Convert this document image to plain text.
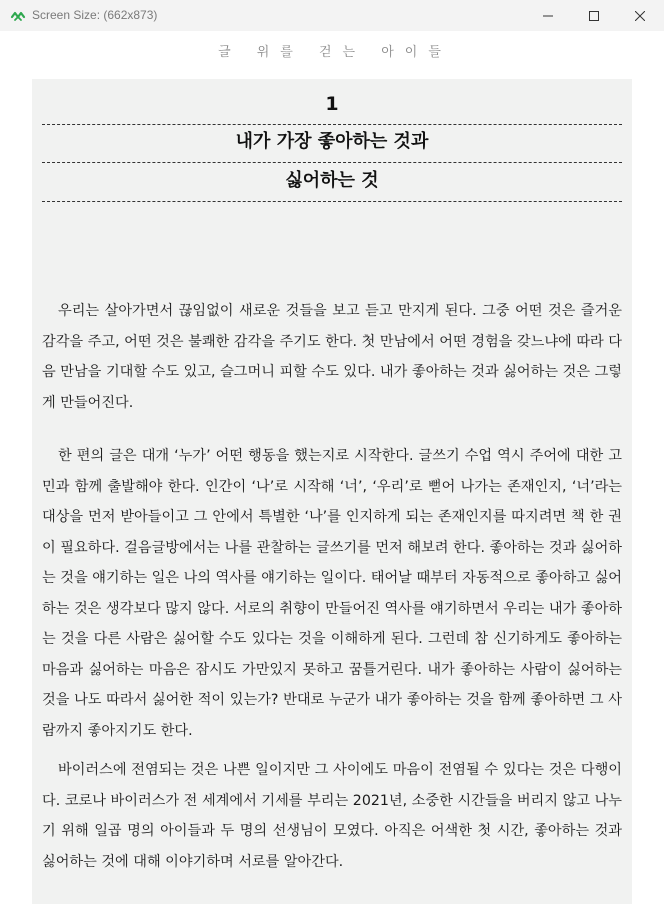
Screen Size: (662x873)
글 위를 걷는 아이들
1
내가 가장 좋아하는 것과
싫어하는 것

우리는 살아가면서 끊임없이 새로운 것들을 보고 듣고 만지게 된다. 그중 어떤 것은 즐거운 감각을 주고, 어떤 것은 불쾌한 감각을 주기도 한다. 첫 만남에서 어떤 경험을 갖느냐에 따라 다음 만남을 기대할 수도 있고, 슬그머니 피할 수도 있다. 내가 좋아하는 것과 싫어하는 것은 그렇게 만들어진다.

한 편의 글은 대개 ‘누가’ 어떤 행동을 했는지로 시작한다. 글쓰기 수업 역시 주어에 대한 고민과 함께 출발해야 한다. 인간이 ‘나’로 시작해 ‘너’, ‘우리’로 뻗어 나가는 존재인지, ‘너’라는 대상을 먼저 받아들이고 그 안에서 특별한 ‘나’를 인지하게 되는 존재인지를 따지려면 책 한 권이 필요하다. 걸음글방에서는 나를 관찰하는 글쓰기를 먼저 해보려 한다. 좋아하는 것과 싫어하는 것을 얘기하는 일은 나의 역사를 얘기하는 일이다. 태어날 때부터 자동적으로 좋아하고 싫어하는 것은 생각보다 많지 않다. 서로의 취향이 만들어진 역사를 얘기하면서 우리는 내가 좋아하는 것을 다른 사람은 싫어할 수도 있다는 것을 이해하게 된다. 그런데 참 신기하게도 좋아하는 마음과 싫어하는 마음은 잠시도 가만있지 못하고 꿈틀거린다. 내가 좋아하는 사람이 싫어하는 것을 나도 따라서 싫어한 적이 있는가? 반대로 누군가 내가 좋아하는 것을 함께 좋아하면 그 사람까지 좋아지기도 한다.

바이러스에 전염되는 것은 나쁜 일이지만 그 사이에도 마음이 전염될 수 있다는 것은 다행이다. 코로나 바이러스가 전 세계에서 기세를 부리는 2021년, 소중한 시간들을 버리지 않고 나누기 위해 일곱 명의 아이들과 두 명의 선생님이 모였다. 아직은 어색한 첫 시간, 좋아하는 것과 싫어하는 것에 대해 이야기하며 서로를 알아간다.
